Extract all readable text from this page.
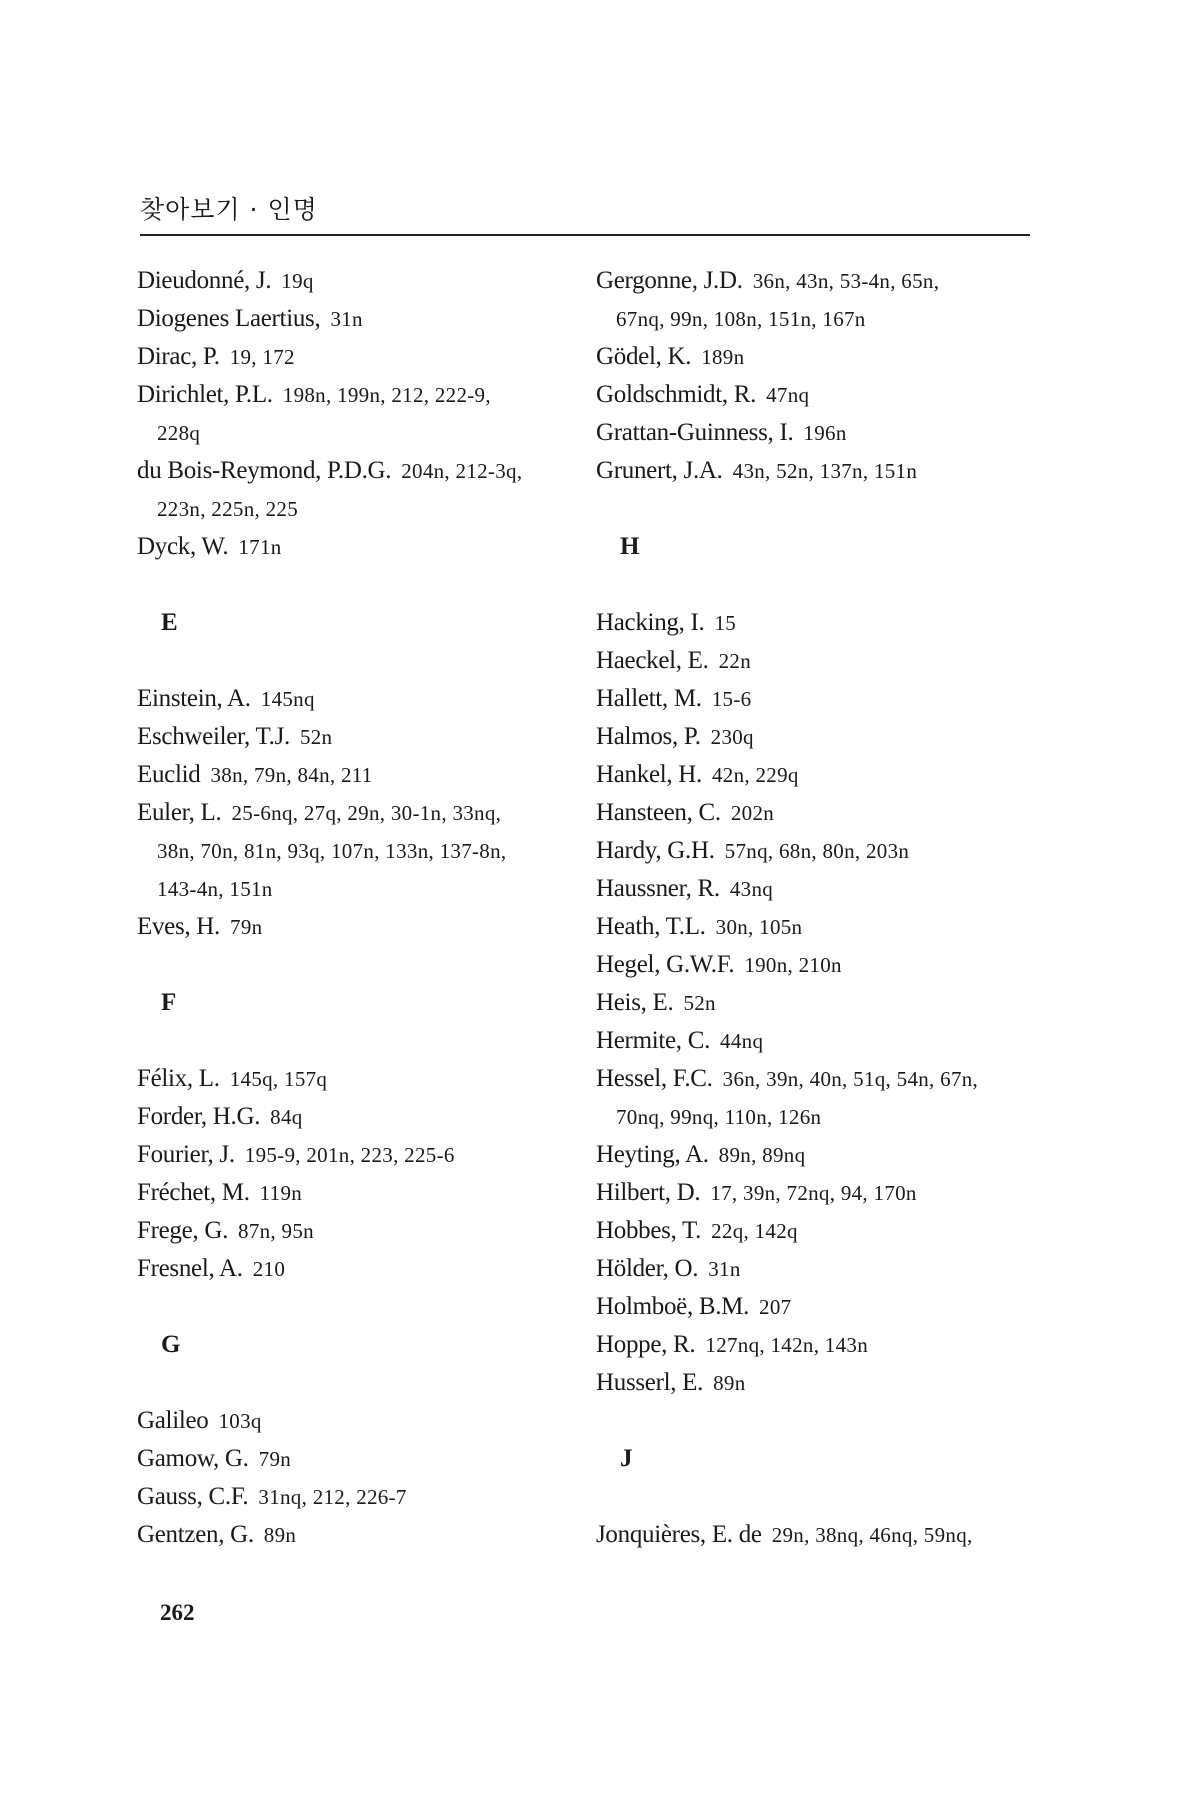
찾아보기 · 인명
Dieudonné, J. 19q
Diogenes Laertius, 31n
Dirac, P. 19, 172
Dirichlet, P.L. 198n, 199n, 212, 222-9,
228q
du Bois-Reymond, P.D.G. 204n, 212-3q,
223n, 225n, 225
Dyck, W. 171n
E
Einstein, A. 145nq
Eschweiler, T.J. 52n
Euclid 38n, 79n, 84n, 211
Euler, L. 25-6nq, 27q, 29n, 30-1n, 33nq,
38n, 70n, 81n, 93q, 107n, 133n, 137-8n,
143-4n, 151n
Eves, H. 79n
F
Félix, L. 145q, 157q
Forder, H.G. 84q
Fourier, J. 195-9, 201n, 223, 225-6
Fréchet, M. 119n
Frege, G. 87n, 95n
Fresnel, A. 210
G
Galileo 103q
Gamow, G. 79n
Gauss, C.F. 31nq, 212, 226-7
Gentzen, G. 89n
Gergonne, J.D. 36n, 43n, 53-4n, 65n,
67nq, 99n, 108n, 151n, 167n
Gödel, K. 189n
Goldschmidt, R. 47nq
Grattan-Guinness, I. 196n
Grunert, J.A. 43n, 52n, 137n, 151n
H
Hacking, I. 15
Haeckel, E. 22n
Hallett, M. 15-6
Halmos, P. 230q
Hankel, H. 42n, 229q
Hansteen, C. 202n
Hardy, G.H. 57nq, 68n, 80n, 203n
Haussner, R. 43nq
Heath, T.L. 30n, 105n
Hegel, G.W.F. 190n, 210n
Heis, E. 52n
Hermite, C. 44nq
Hessel, F.C. 36n, 39n, 40n, 51q, 54n, 67n,
70nq, 99nq, 110n, 126n
Heyting, A. 89n, 89nq
Hilbert, D. 17, 39n, 72nq, 94, 170n
Hobbes, T. 22q, 142q
Hölder, O. 31n
Holmboë, B.M. 207
Hoppe, R. 127nq, 142n, 143n
Husserl, E. 89n
J
Jonquières, E. de 29n, 38nq, 46nq, 59nq,
262
